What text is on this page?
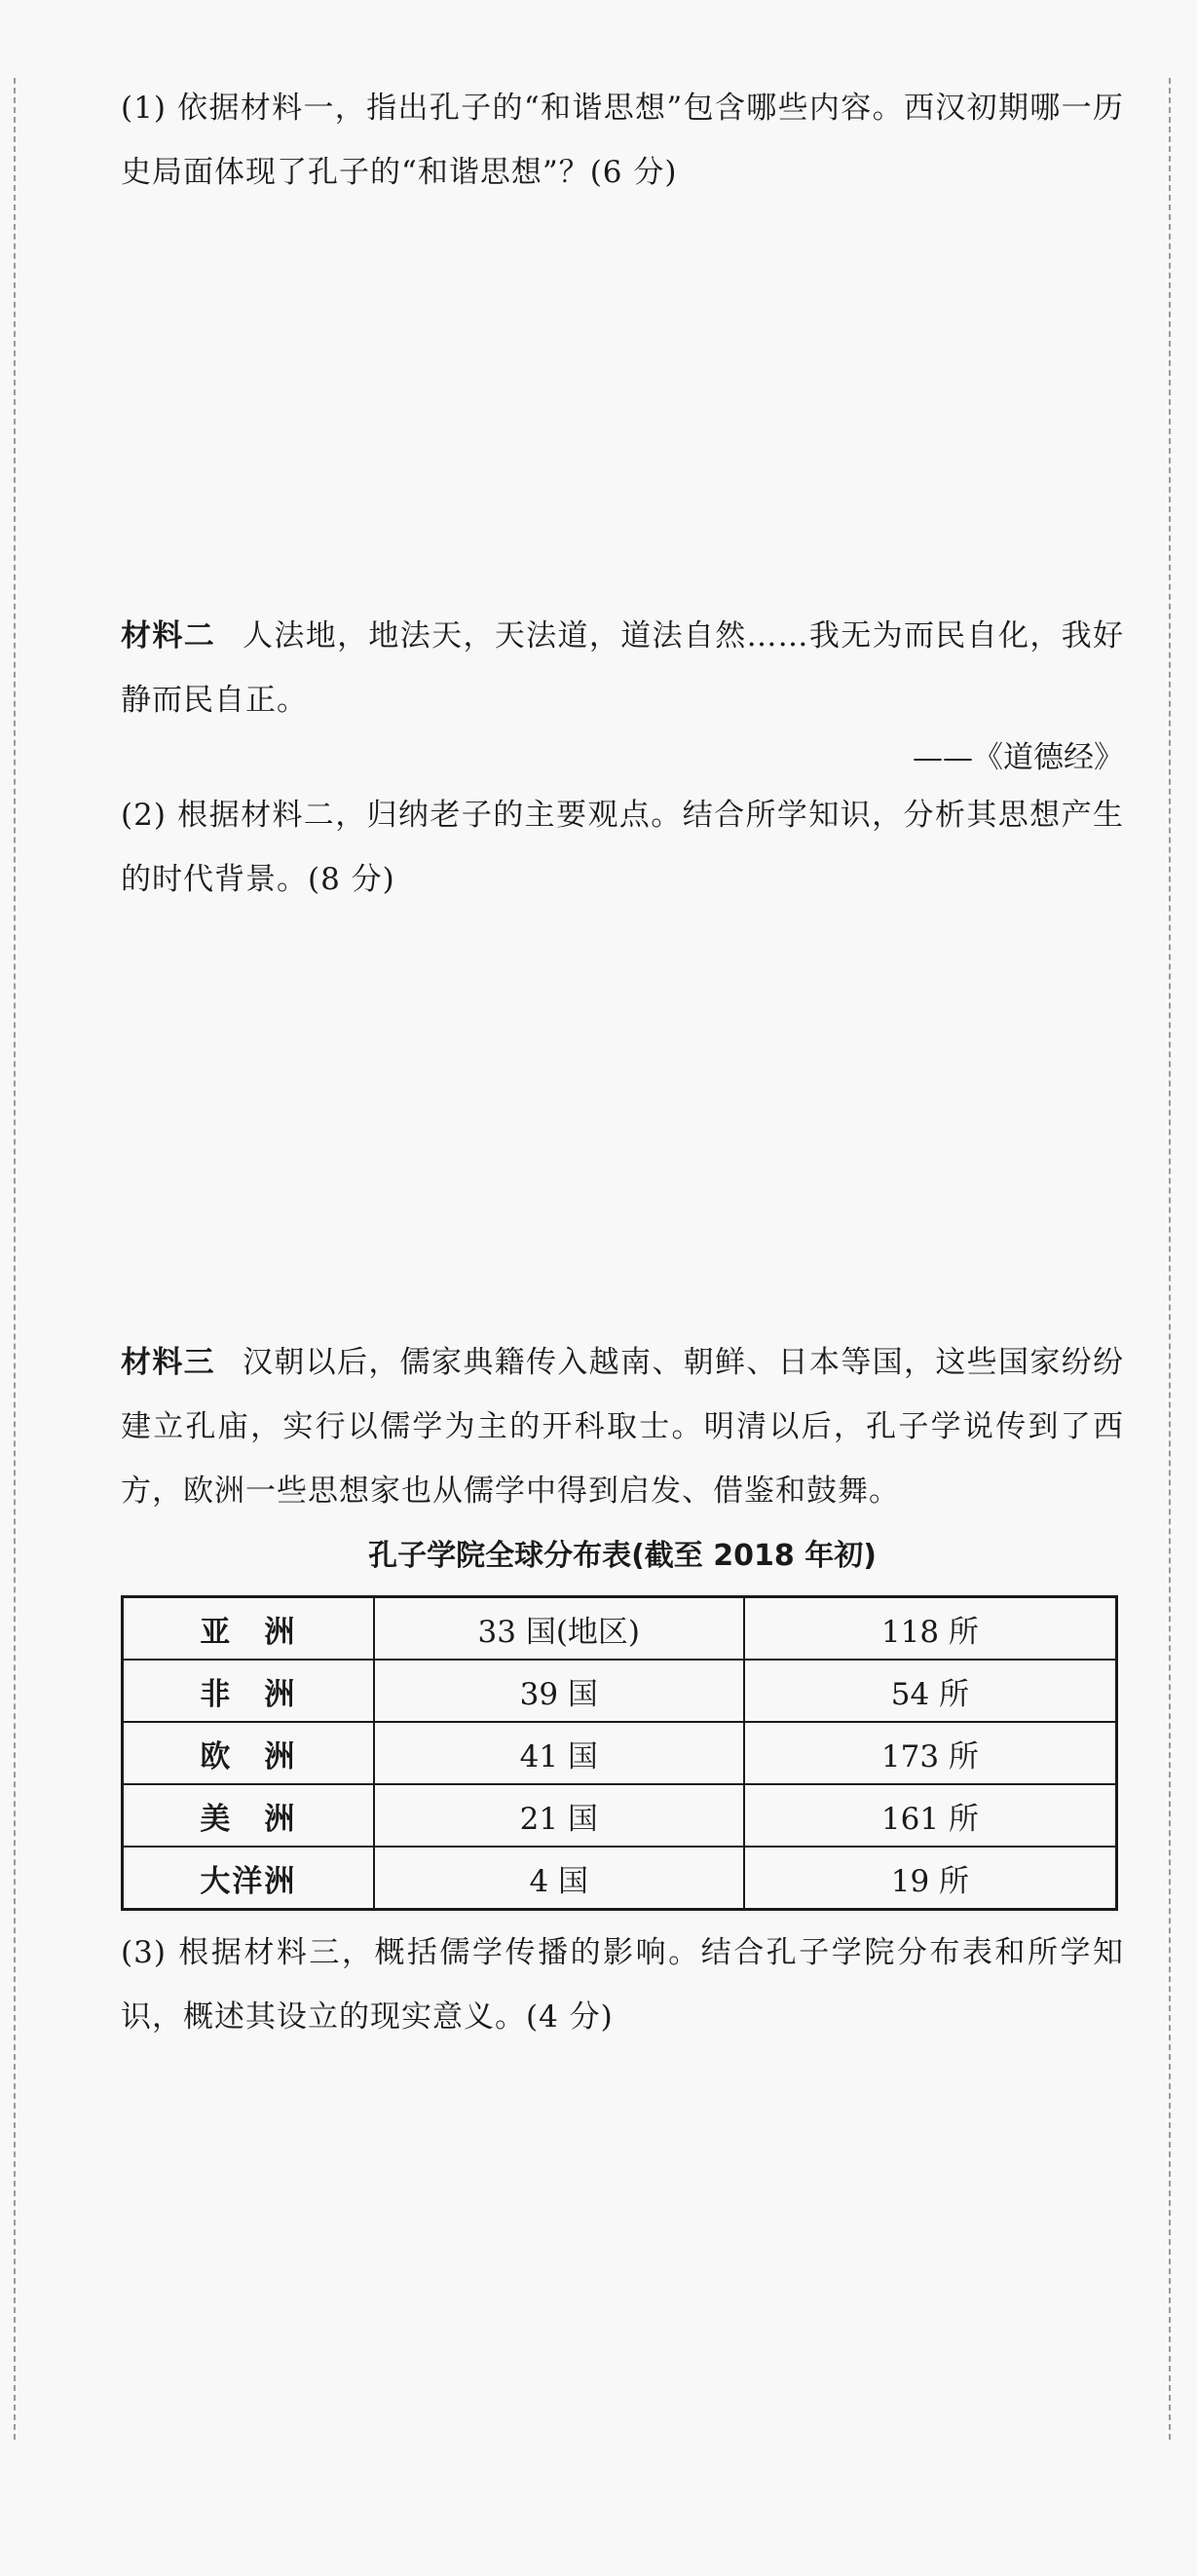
(1) 依据材料一，指出孔子的“和谐思想”包含哪些内容。西汉初期哪一历史局面体现了孔子的“和谐思想”？(6 分)

材料二 人法地，地法天，天法道，道法自然……我无为而民自化，我好静而民自正。

——《道德经》

(2) 根据材料二，归纳老子的主要观点。结合所学知识，分析其思想产生的时代背景。(8 分)

材料三 汉朝以后，儒家典籍传入越南、朝鲜、日本等国，这些国家纷纷建立孔庙，实行以儒学为主的开科取士。明清以后，孔子学说传到了西方，欧洲一些思想家也从儒学中得到启发、借鉴和鼓舞。

孔子学院全球分布表(截至 2018 年初)
亚　洲	33 国(地区)	118 所
非　洲	39 国	54 所
欧　洲	41 国	173 所
美　洲	21 国	161 所
大洋洲	4 国	19 所

(3) 根据材料三，概括儒学传播的影响。结合孔子学院分布表和所学知识，概述其设立的现实意义。(4 分)
